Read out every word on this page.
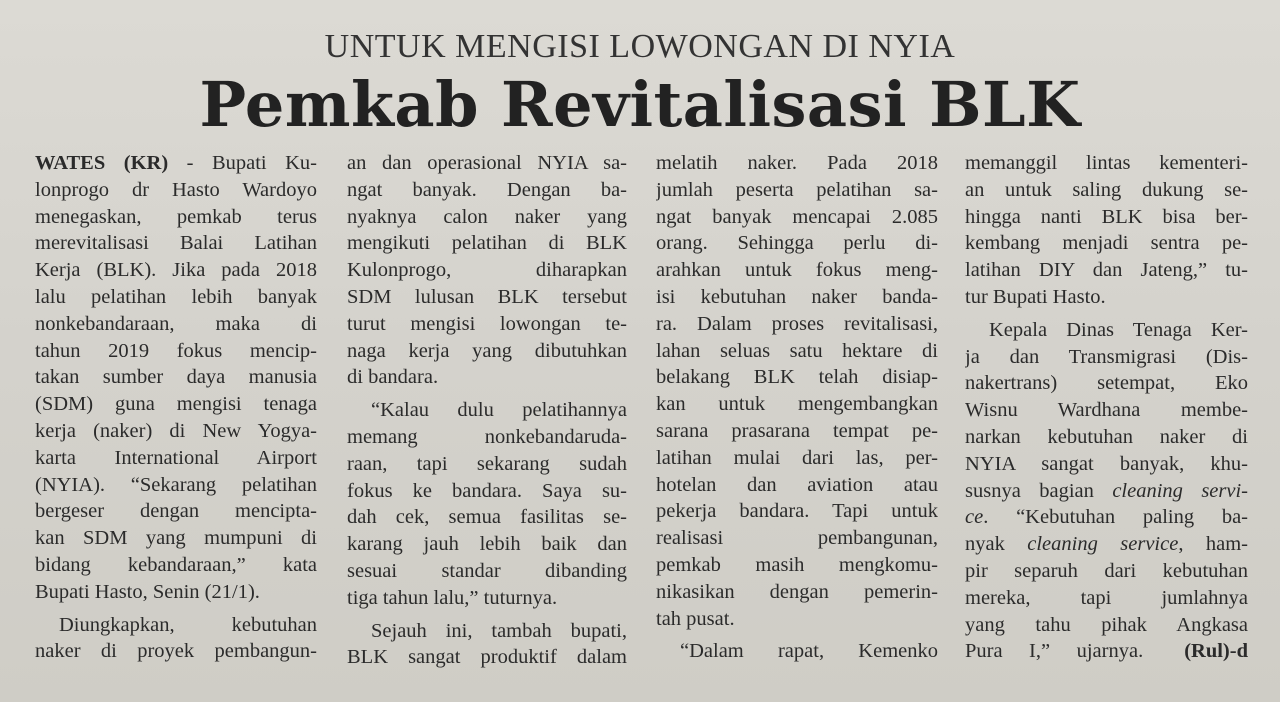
UNTUK MENGISI LOWONGAN DI NYIA
Pemkab Revitalisasi BLK
WATES (KR) - Bupati Ku-
lonprogo dr Hasto Wardoyo
menegaskan, pemkab terus
merevitalisasi Balai Latihan
Kerja (BLK). Jika pada 2018
lalu pelatihan lebih banyak
nonkebandaraan, maka di
tahun 2019 fokus mencip-
takan sumber daya manusia
(SDM) guna mengisi tenaga
kerja (naker) di New Yogya-
karta International Airport
(NYIA). “Sekarang pelatihan
bergeser dengan mencipta-
kan SDM yang mumpuni di
bidang kebandaraan,” kata
Bupati Hasto, Senin (21/1).
Diungkapkan, kebutuhan
naker di proyek pembangun-
an dan operasional NYIA sa-
ngat banyak. Dengan ba-
nyaknya calon naker yang
mengikuti pelatihan di BLK
Kulonprogo, diharapkan
SDM lulusan BLK tersebut
turut mengisi lowongan te-
naga kerja yang dibutuhkan
di bandara.
“Kalau dulu pelatihannya
memang nonkebandaruda-
raan, tapi sekarang sudah
fokus ke bandara. Saya su-
dah cek, semua fasilitas se-
karang jauh lebih baik dan
sesuai standar dibanding
tiga tahun lalu,” tuturnya.
Sejauh ini, tambah bupati,
BLK sangat produktif dalam
melatih naker. Pada 2018
jumlah peserta pelatihan sa-
ngat banyak mencapai 2.085
orang. Sehingga perlu di-
arahkan untuk fokus meng-
isi kebutuhan naker banda-
ra. Dalam proses revitalisasi,
lahan seluas satu hektare di
belakang BLK telah disiap-
kan untuk mengembangkan
sarana prasarana tempat pe-
latihan mulai dari las, per-
hotelan dan aviation atau
pekerja bandara. Tapi untuk
realisasi pembangunan,
pemkab masih mengkomu-
nikasikan dengan pemerin-
tah pusat.
“Dalam rapat, Kemenko
memanggil lintas kementeri-
an untuk saling dukung se-
hingga nanti BLK bisa ber-
kembang menjadi sentra pe-
latihan DIY dan Jateng,” tu-
tur Bupati Hasto.
Kepala Dinas Tenaga Ker-
ja dan Transmigrasi (Dis-
nakertrans) setempat, Eko
Wisnu Wardhana membe-
narkan kebutuhan naker di
NYIA sangat banyak, khu-
susnya bagian cleaning servi-
ce. “Kebutuhan paling ba-
nyak cleaning service, ham-
pir separuh dari kebutuhan
mereka, tapi jumlahnya
yang tahu pihak Angkasa
Pura I,” ujarnya.  (Rul)-d
